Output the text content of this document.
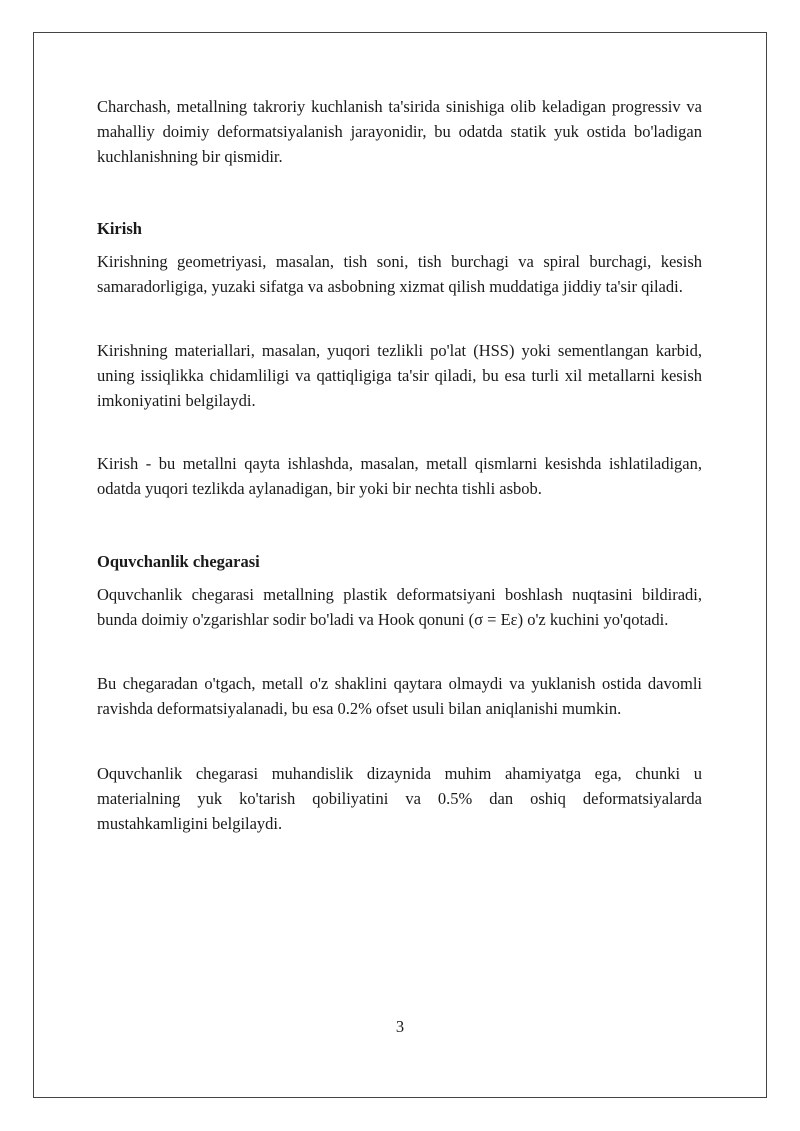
Charchash, metallning takroriy kuchlanish ta'sirida sinishiga olib keladigan progressiv va mahalliy doimiy deformatsiyalanish jarayonidir, bu odatda statik yuk ostida bo'ladigan kuchlanishning bir qismidir.

Kirish

Kirishning geometriyasi, masalan, tish soni, tish burchagi va spiral burchagi, kesish samaradorligiga, yuzaki sifatga va asbobning xizmat qilish muddatiga jiddiy ta'sir qiladi.

Kirishning materiallari, masalan, yuqori tezlikli po'lat (HSS) yoki sementlangan karbid, uning issiqlikka chidamliligi va qattiqligiga ta'sir qiladi, bu esa turli xil metallarni kesish imkoniyatini belgilaydi.

Kirish - bu metallni qayta ishlashda, masalan, metall qismlarni kesishda ishlatiladigan, odatda yuqori tezlikda aylanadigan, bir yoki bir nechta tishli asbob.

Oquvchanlik chegarasi

Oquvchanlik chegarasi metallning plastik deformatsiyani boshlash nuqtasini bildiradi, bunda doimiy o'zgarishlar sodir bo'ladi va Hook qonuni (σ = Eε) o'z kuchini yo'qotadi.

Bu chegaradan o'tgach, metall o'z shaklini qaytara olmaydi va yuklanish ostida davomli ravishda deformatsiyalanadi, bu esa 0.2% ofset usuli bilan aniqlanishi mumkin.

Oquvchanlik chegarasi muhandislik dizaynida muhim ahamiyatga ega, chunki u materialning yuk ko'tarish qobiliyatini va 0.5% dan oshiq deformatsiyalarda mustahkamligini belgilaydi.

3
